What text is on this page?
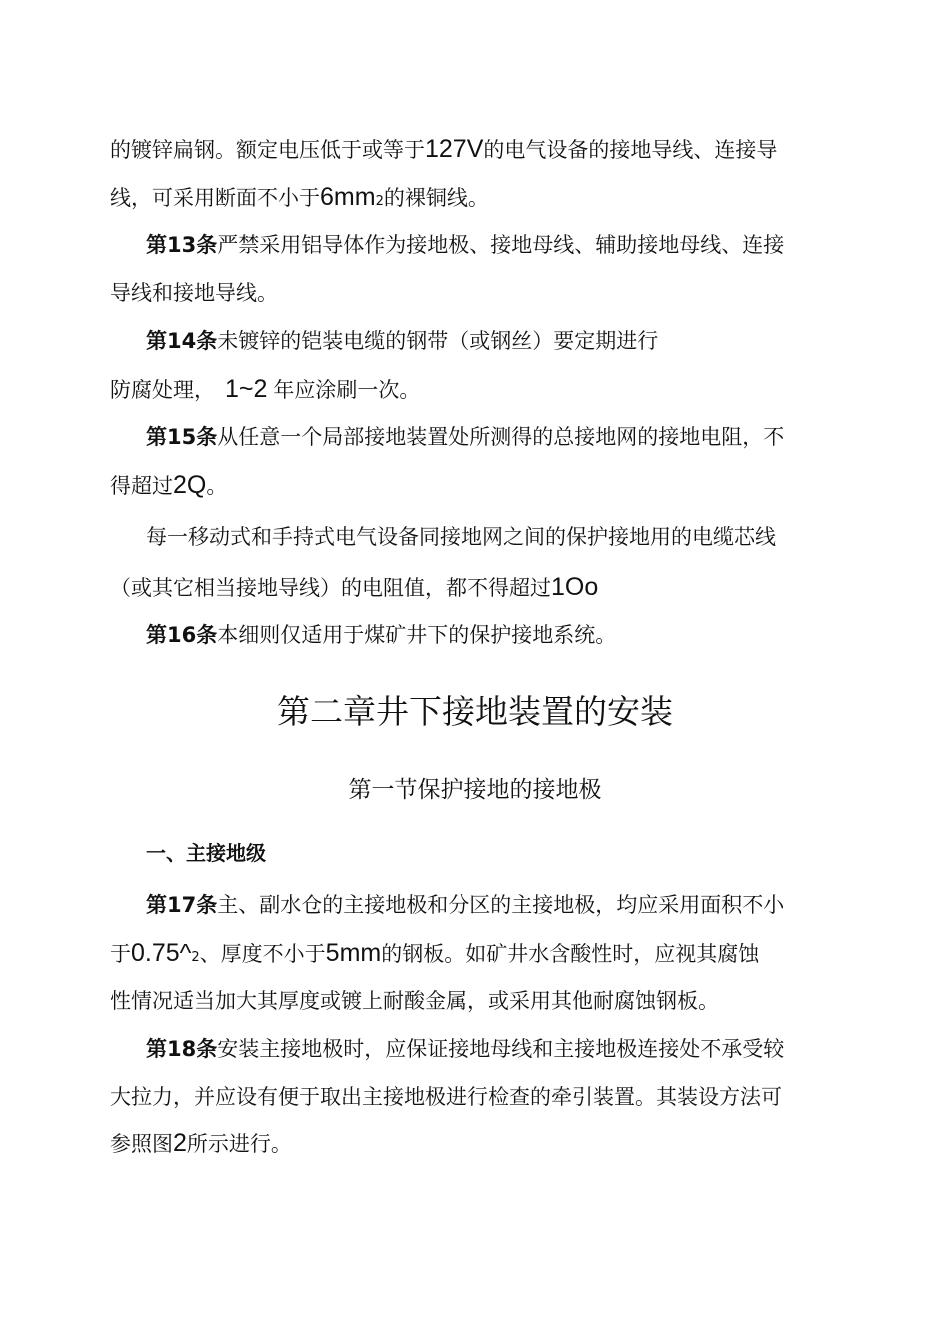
的镀锌扁钢。额定电压低于或等于127V的电气设备的接地导线、连接导
线，可采用断面不小于6mm2的裸铜线。
第13条严禁采用铝导体作为接地极、接地母线、辅助接地母线、连接
导线和接地导线。
第14条未镀锌的铠装电缆的钢带（或钢丝）要定期进行
防腐处理， 1~2 年应涂刷一次。
第15条从任意一个局部接地装置处所测得的总接地网的接地电阻，不
得超过2Q。
每一移动式和手持式电气设备同接地网之间的保护接地用的电缆芯线
（或其它相当接地导线）的电阻值，都不得超过1Oo
第16条本细则仅适用于煤矿井下的保护接地系统。
第二章井下接地装置的安装
第一节保护接地的接地极
一、主接地级
第17条主、副水仓的主接地极和分区的主接地极，均应采用面积不小
于0.75^2、厚度不小于5mm的钢板。如矿井水含酸性时，应视其腐蚀
性情况适当加大其厚度或镀上耐酸金属，或采用其他耐腐蚀钢板。
第18条安装主接地极时，应保证接地母线和主接地极连接处不承受较
大拉力，并应设有便于取出主接地极进行检查的牵引装置。其装设方法可
参照图2所示进行。
